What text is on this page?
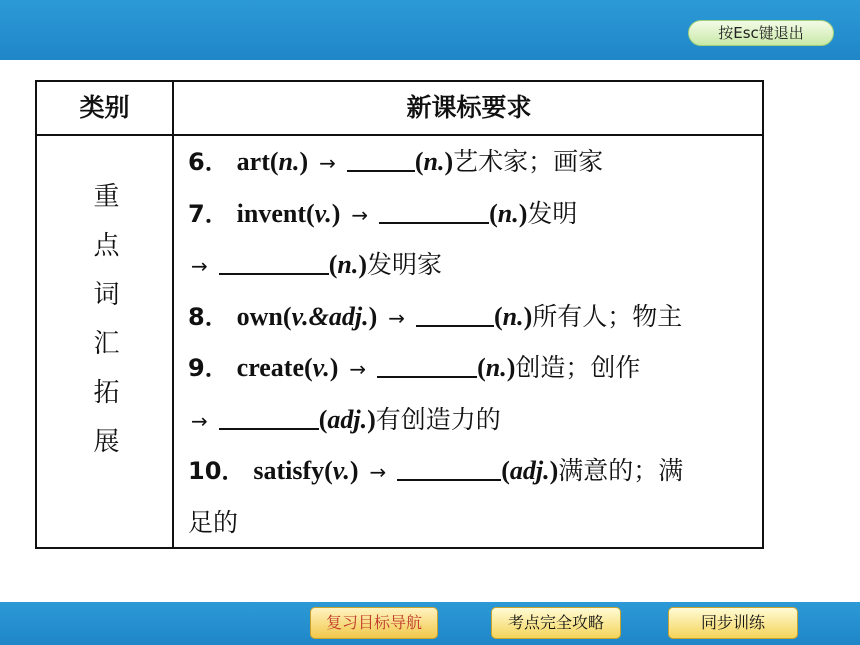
按Esc键退出
类别	新课标要求
重点词汇拓展
6． art(n.) →	(n.)艺术家；画家
7． invent(v.) →	(n.)发明
→	(n.)发明家
8． own(v.&adj.) →	(n.)所有人；物主
9． create(v.) →	(n.)创造；创作
→	(adj.)有创造力的
10． satisfy(v.) →	(adj.)满意的；满
足的
复习目标导航	考点完全攻略	同步训练
